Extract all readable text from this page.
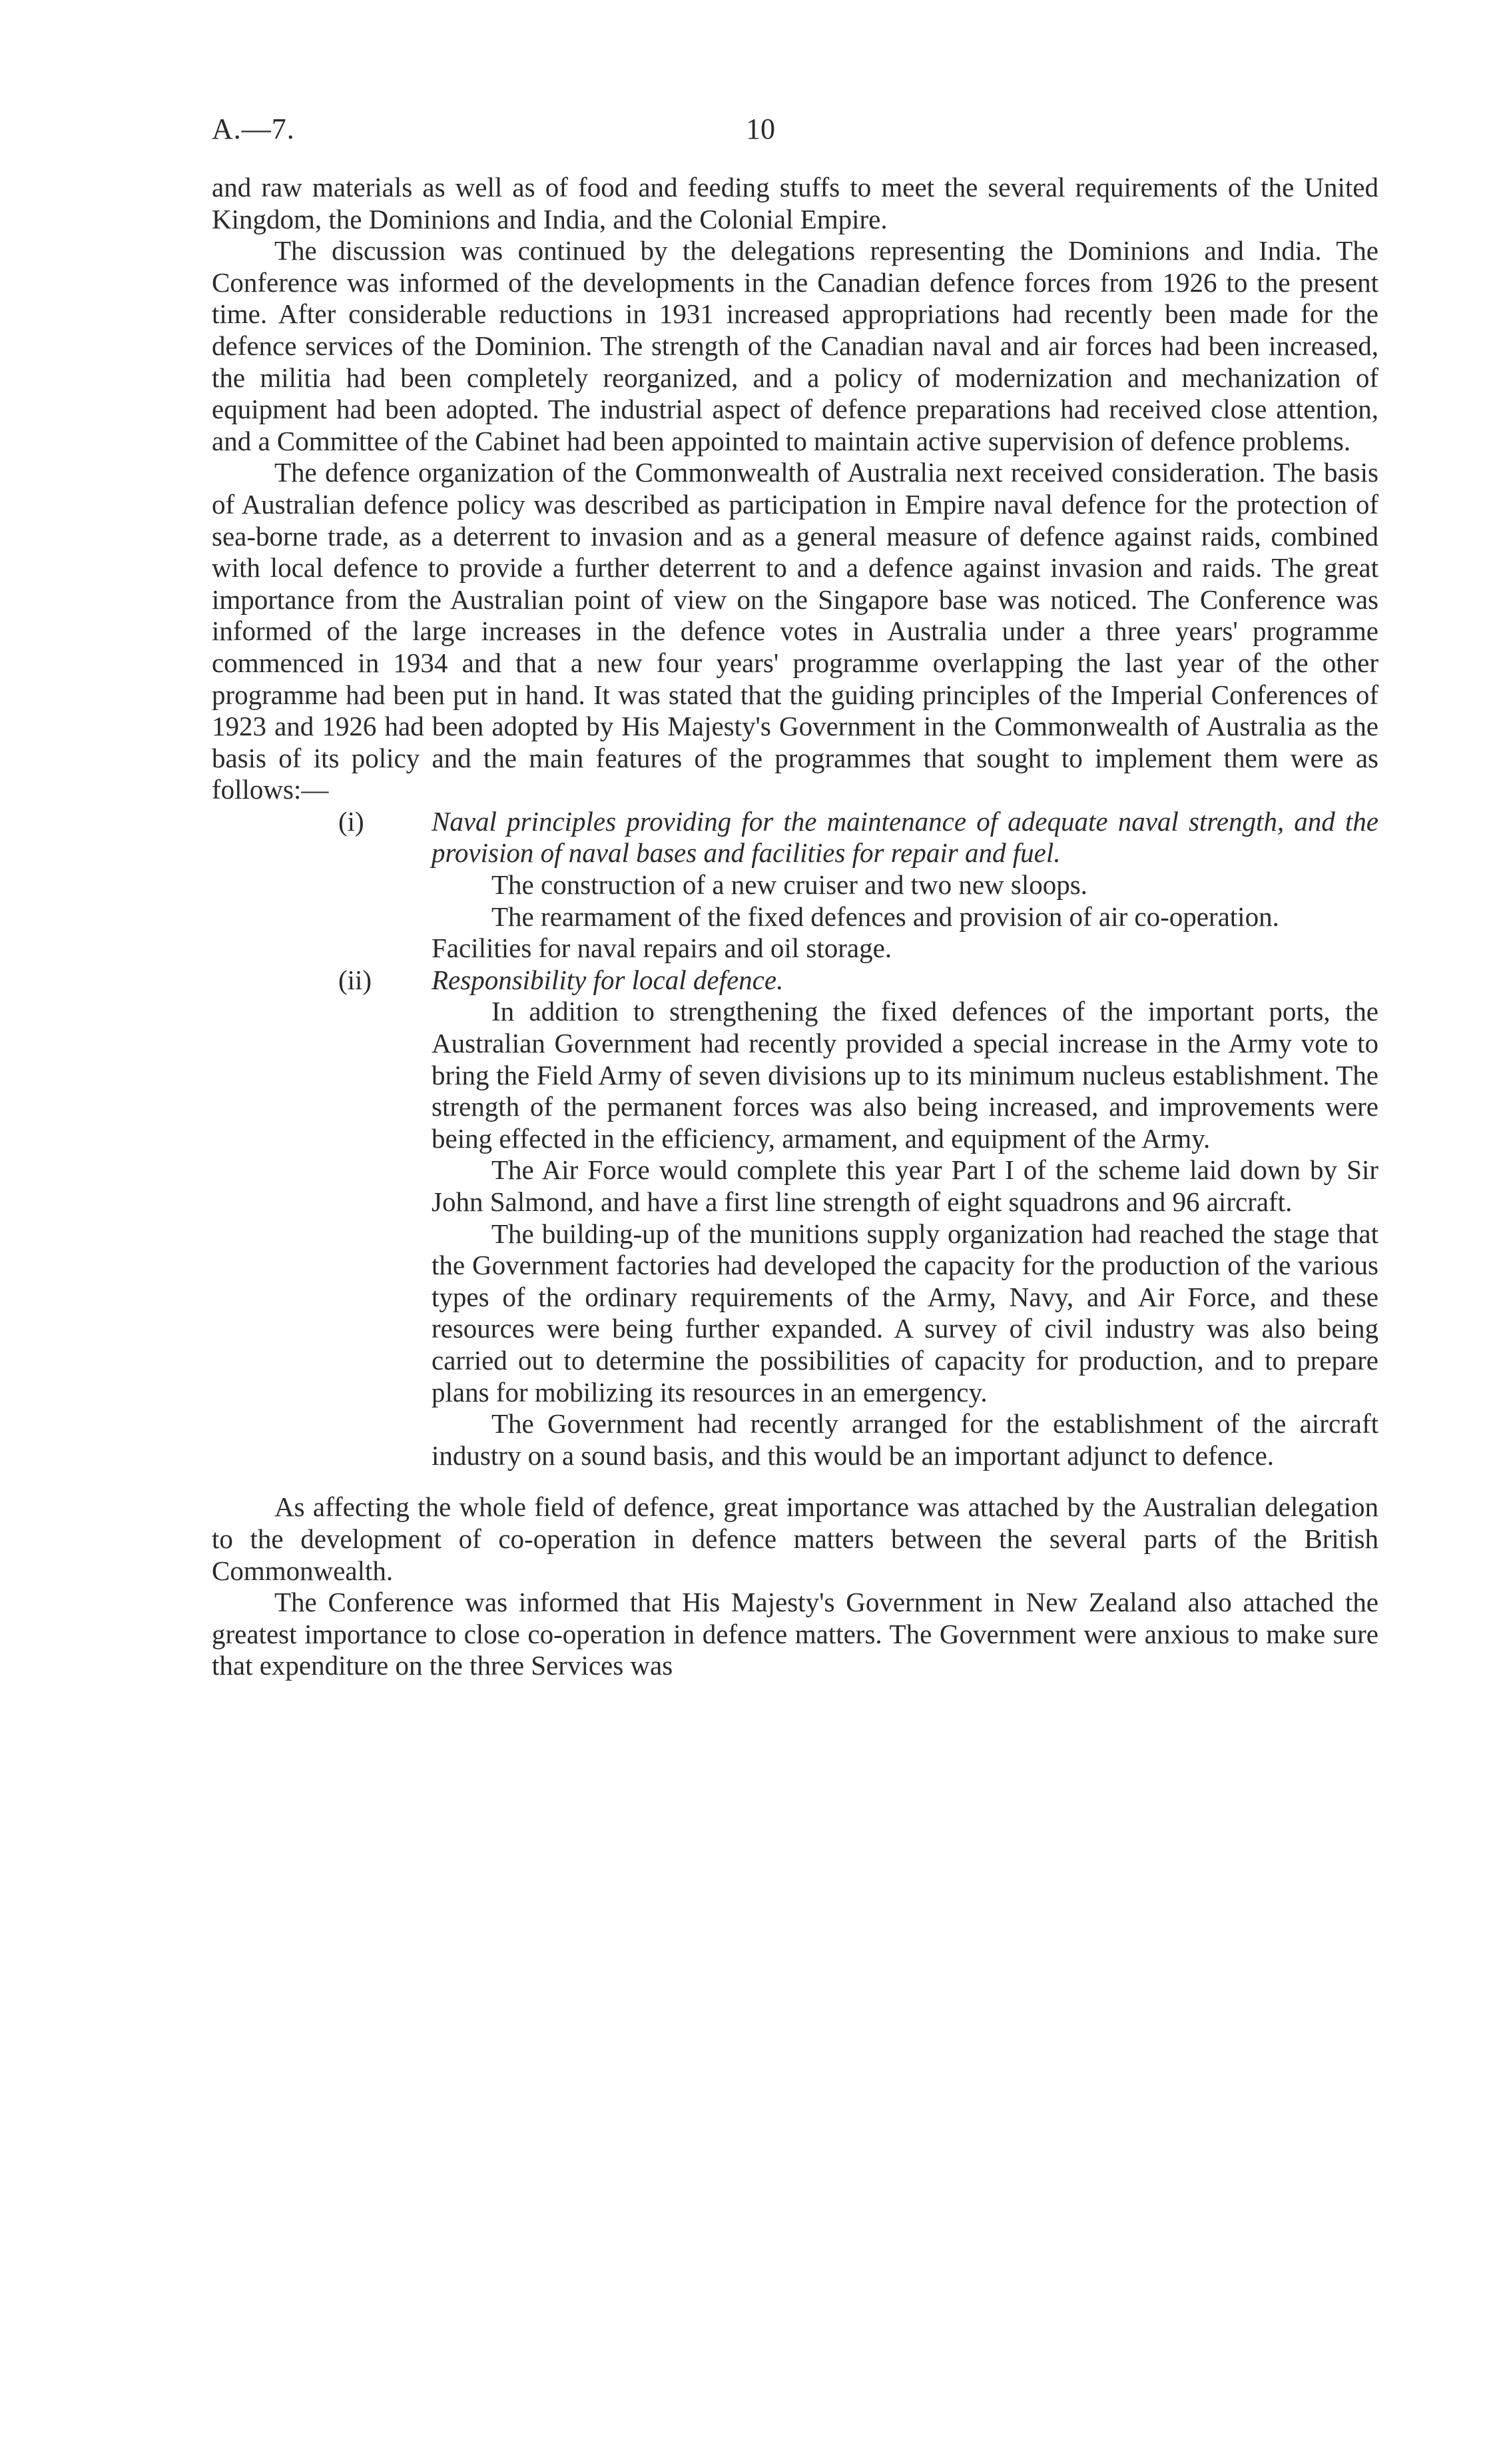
A.—7.	10

and raw materials as well as of food and feeding stuffs to meet the several requirements of the United Kingdom, the Dominions and India, and the Colonial Empire.

The discussion was continued by the delegations representing the Dominions and India. The Conference was informed of the developments in the Canadian defence forces from 1926 to the present time. After considerable reductions in 1931 increased appropriations had recently been made for the defence services of the Dominion. The strength of the Canadian naval and air forces had been increased, the militia had been completely reorganized, and a policy of modernization and mechanization of equipment had been adopted. The industrial aspect of defence preparations had received close attention, and a Committee of the Cabinet had been appointed to maintain active supervision of defence problems.

The defence organization of the Commonwealth of Australia next received consideration. The basis of Australian defence policy was described as participation in Empire naval defence for the protection of sea-borne trade, as a deterrent to invasion and as a general measure of defence against raids, combined with local defence to provide a further deterrent to and a defence against invasion and raids. The great importance from the Australian point of view on the Singapore base was noticed. The Conference was informed of the large increases in the defence votes in Australia under a three years' programme commenced in 1934 and that a new four years' programme overlapping the last year of the other programme had been put in hand. It was stated that the guiding principles of the Imperial Conferences of 1923 and 1926 had been adopted by His Majesty's Government in the Commonwealth of Australia as the basis of its policy and the main features of the programmes that sought to implement them were as follows:—

(i) Naval principles providing for the maintenance of adequate naval strength, and the provision of naval bases and facilities for repair and fuel.

The construction of a new cruiser and two new sloops.

The rearmament of the fixed defences and provision of air co-operation.

Facilities for naval repairs and oil storage.

(ii) Responsibility for local defence.

In addition to strengthening the fixed defences of the important ports, the Australian Government had recently provided a special increase in the Army vote to bring the Field Army of seven divisions up to its minimum nucleus establishment. The strength of the permanent forces was also being increased, and improvements were being effected in the efficiency, armament, and equipment of the Army.

The Air Force would complete this year Part I of the scheme laid down by Sir John Salmond, and have a first line strength of eight squadrons and 96 aircraft.

The building-up of the munitions supply organization had reached the stage that the Government factories had developed the capacity for the production of the various types of the ordinary requirements of the Army, Navy, and Air Force, and these resources were being further expanded. A survey of civil industry was also being carried out to determine the possibilities of capacity for production, and to prepare plans for mobilizing its resources in an emergency.

The Government had recently arranged for the establishment of the aircraft industry on a sound basis, and this would be an important adjunct to defence.

As affecting the whole field of defence, great importance was attached by the Australian delegation to the development of co-operation in defence matters between the several parts of the British Commonwealth.

The Conference was informed that His Majesty's Government in New Zealand also attached the greatest importance to close co-operation in defence matters. The Government were anxious to make sure that expenditure on the three Services was
